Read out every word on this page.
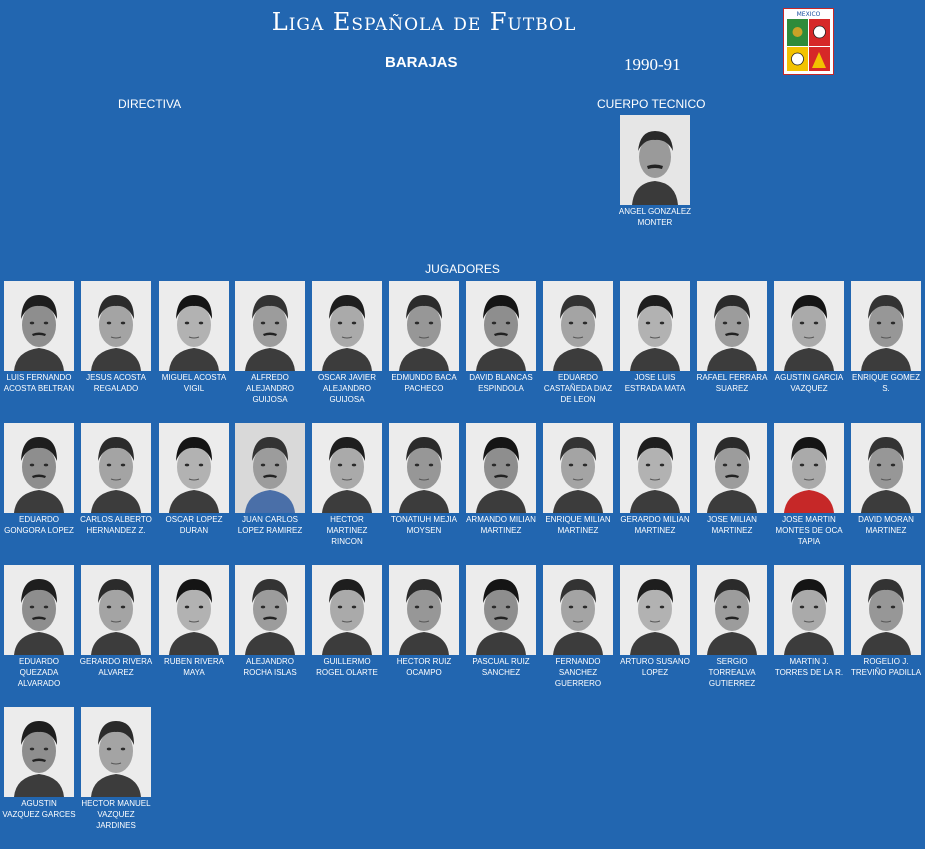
Liga Española de Futbol
BARAJAS	1990-91
MEXICO
DIRECTIVA	CUERPO TECNICO
JUGADORES
ANGEL GONZALEZ MONTER
LUIS FERNANDO ACOSTA BELTRAN
JESUS ACOSTA REGALADO
MIGUEL ACOSTA VIGIL
ALFREDO ALEJANDRO GUIJOSA
OSCAR JAVIER ALEJANDRO GUIJOSA
EDMUNDO BACA PACHECO
DAVID BLANCAS ESPINDOLA
EDUARDO CASTAÑEDA DIAZ DE LEON
JOSE LUIS ESTRADA MATA
RAFAEL FERRARA SUAREZ
AGUSTIN GARCIA VAZQUEZ
ENRIQUE GOMEZ S.
EDUARDO GONGORA LOPEZ
CARLOS ALBERTO HERNANDEZ Z.
OSCAR LOPEZ DURAN
JUAN CARLOS LOPEZ RAMIREZ
HECTOR MARTINEZ RINCON
TONATIUH MEJIA MOYSEN
ARMANDO MILIAN MARTINEZ
ENRIQUE MILIAN MARTINEZ
GERARDO MILIAN MARTINEZ
JOSE MILIAN MARTINEZ
JOSE MARTIN MONTES DE OCA TAPIA
DAVID MORAN MARTINEZ
EDUARDO QUEZADA ALVARADO
GERARDO RIVERA ALVAREZ
RUBEN RIVERA MAYA
ALEJANDRO ROCHA ISLAS
GUILLERMO ROGEL OLARTE
HECTOR RUIZ OCAMPO
PASCUAL RUIZ SANCHEZ
FERNANDO SANCHEZ GUERRERO
ARTURO SUSANO LOPEZ
SERGIO TORREALVA GUTIERREZ
MARTIN J. TORRES DE LA R.
ROGELIO J. TREVIÑO PADILLA
AGUSTIN VAZQUEZ GARCES
HECTOR MANUEL VAZQUEZ JARDINES
